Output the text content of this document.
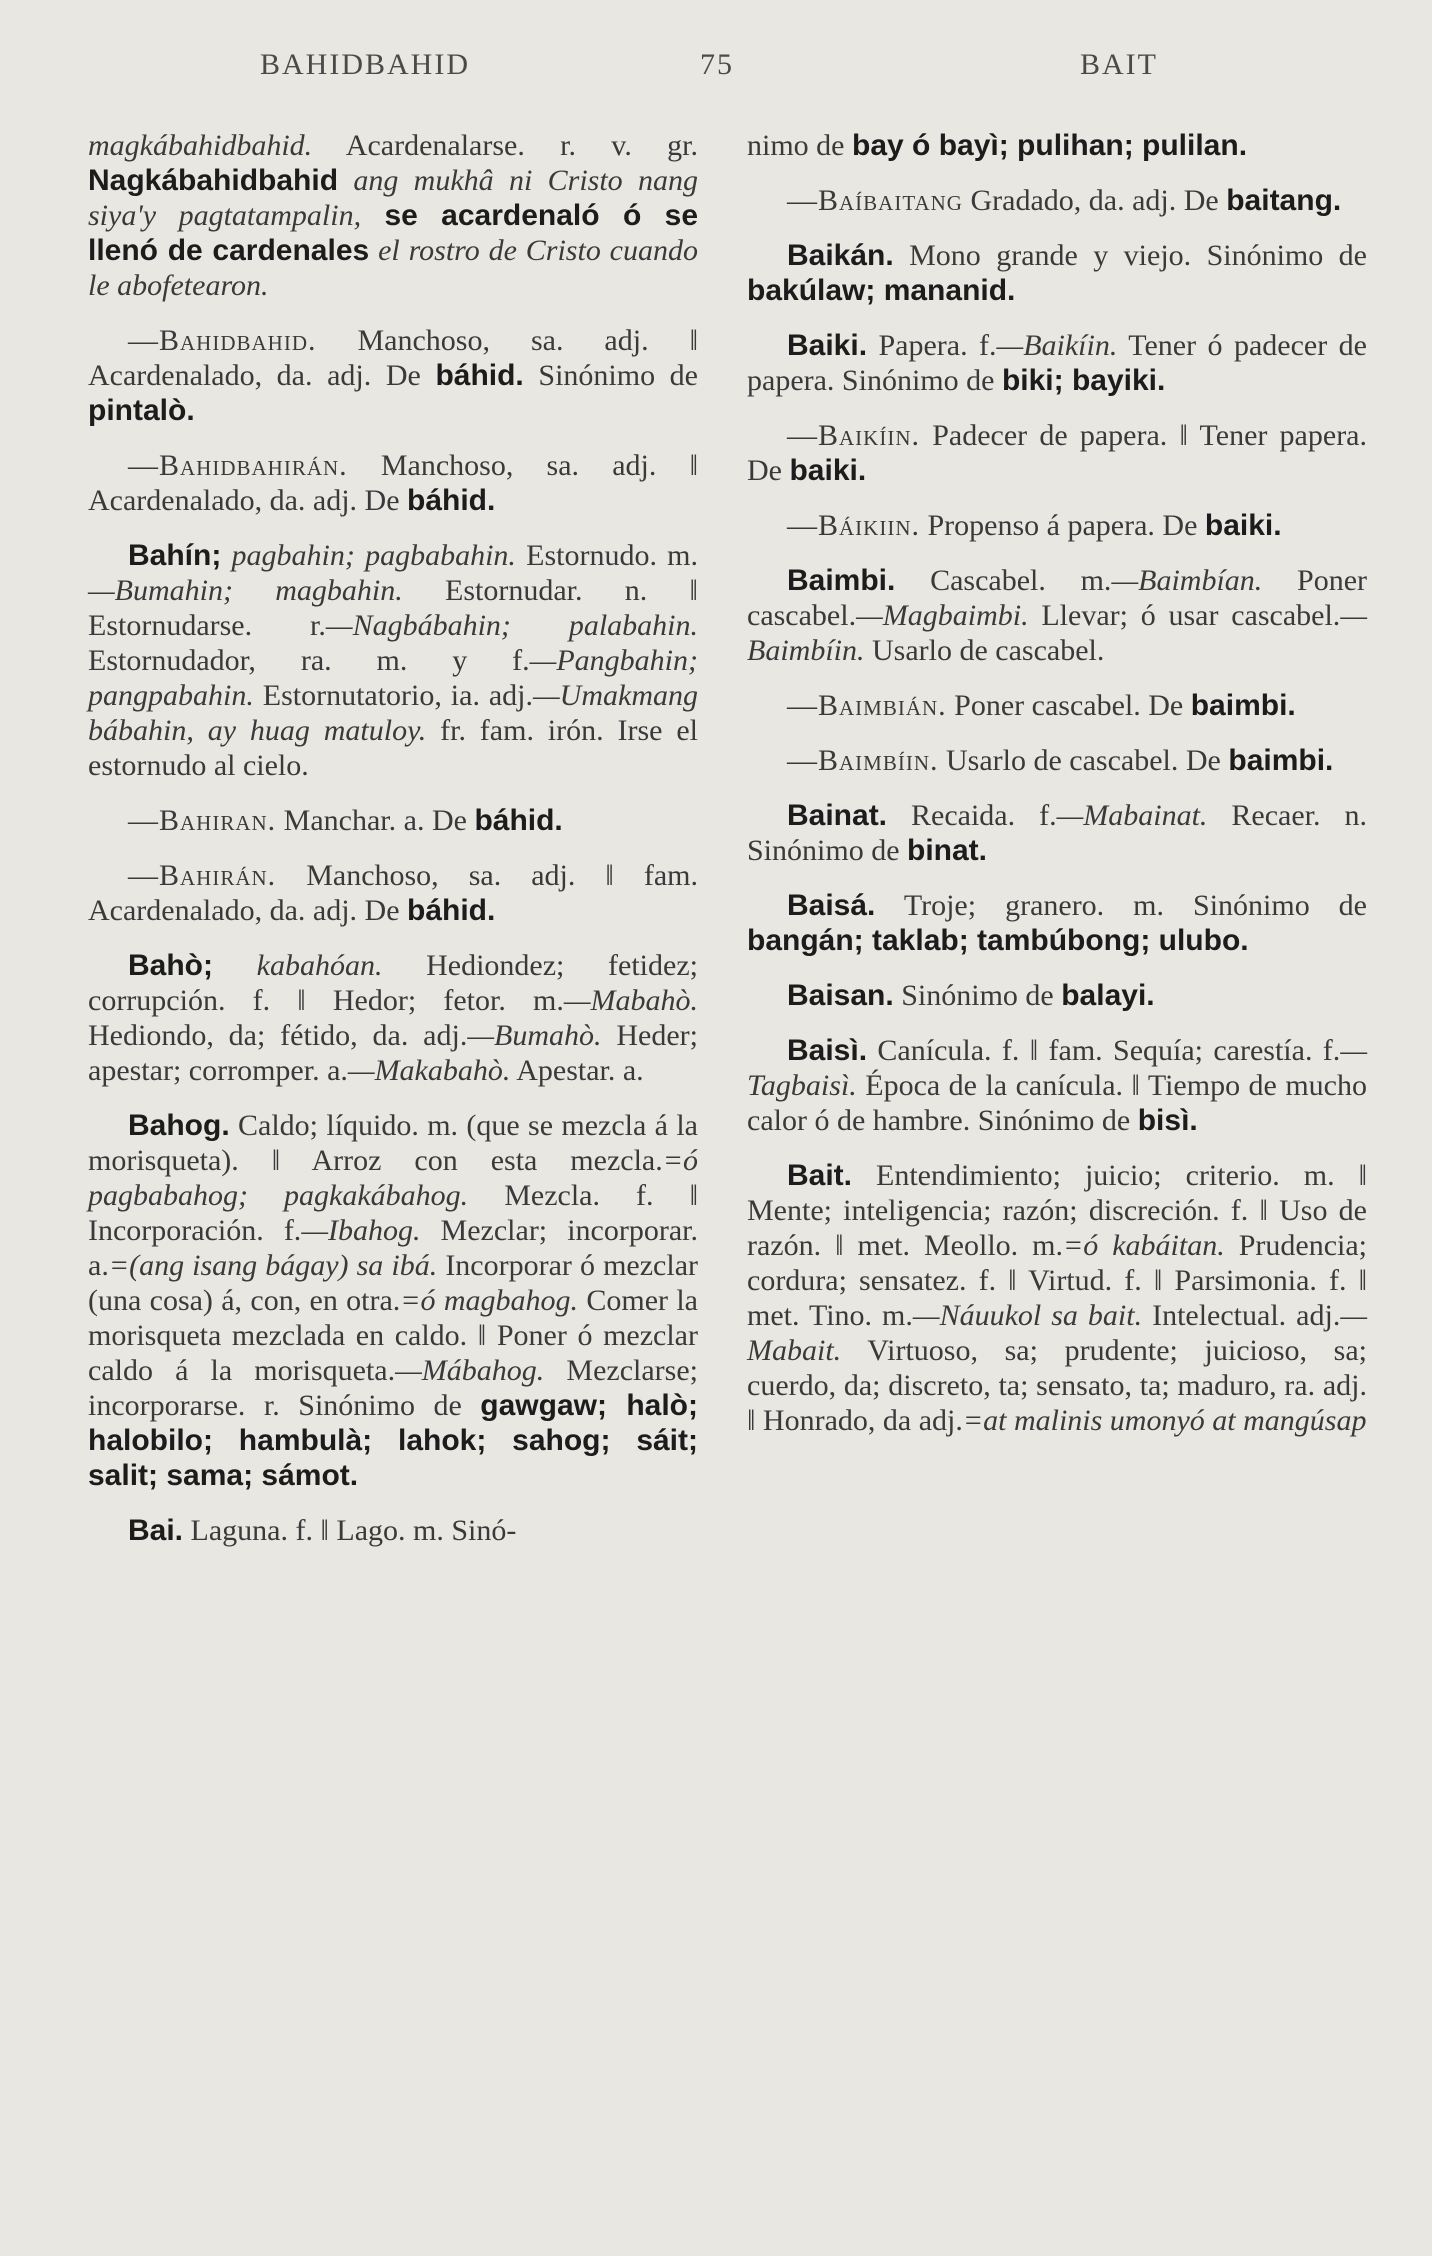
BAHIDBAHID	75	BAIT

magkábahidbahid. Acardenalarse. r. v. gr. Nagkábahidbahid ang mukhâ ni Cristo nang siya'y pagtatampalin, se acardenaló ó se llenó de cardenales el rostro de Cristo cuando le abofetearon.

—Bahidbahid. Manchoso, sa. adj. ‖ Acardenalado, da. adj. De báhid. Sinónimo de pintalò.

—Bahidbahirán. Manchoso, sa. adj. ‖ Acardenalado, da. adj. De báhid.

Bahín; pagbahin; pagbabahin. Estornudo. m.—Bumahin; magbahin. Estornudar. n. ‖ Estornudarse. r.—Nagbábahin; palabahin. Estornudador, ra. m. y f.—Pangbahin; pangpabahin. Estornutatorio, ia. adj.—Umakmang bábahin, ay huag matuloy. fr. fam. irón. Irse el estornudo al cielo.

—Bahiran. Manchar. a. De báhid.

—Bahirán. Manchoso, sa. adj. ‖ fam. Acardenalado, da. adj. De báhid.

Bahò; kabahóan. Hediondez; fetidez; corrupción. f. ‖ Hedor; fetor. m.—Mabahò. Hediondo, da; fétido, da. adj.—Bumahò. Heder; apestar; corromper. a.—Makabahò. Apestar. a.

Bahog. Caldo; líquido. m. (que se mezcla á la morisqueta). ‖ Arroz con esta mezcla.=ó pagbabahog; pagkakábahog. Mezcla. f. ‖ Incorporación. f.—Ibahog. Mezclar; incorporar. a.=(ang isang bágay) sa ibá. Incorporar ó mezclar (una cosa) á, con, en otra.=ó magbahog. Comer la morisqueta mezclada en caldo. ‖ Poner ó mezclar caldo á la morisqueta.—Mábahog. Mezclarse; incorporarse. r. Sinónimo de gawgaw; halò; halobilo; hambulà; lahok; sahog; sáit; salit; sama; sámot.

Bai. Laguna. f. ‖ Lago. m. Sinó-

nimo de bay ó bayì; pulihan; pulilan.

—Baíbaitang Gradado, da. adj. De baitang.

Baikán. Mono grande y viejo. Sinónimo de bakúlaw; mananid.

Baiki. Papera. f.—Baikíin. Tener ó padecer de papera. Sinónimo de biki; bayiki.

—Baikíin. Padecer de papera. ‖ Tener papera. De baiki.

—Báikiin. Propenso á papera. De baiki.

Baimbi. Cascabel. m.—Baimbían. Poner cascabel.—Magbaimbi. Llevar; ó usar cascabel.—Baimbíin. Usarlo de cascabel.

—Baimbián. Poner cascabel. De baimbi.

—Baimbíin. Usarlo de cascabel. De baimbi.

Bainat. Recaida. f.—Mabainat. Recaer. n. Sinónimo de binat.

Baisá. Troje; granero. m. Sinónimo de bangán; taklab; tambúbong; ulubo.

Baisan. Sinónimo de balayi.

Baisì. Canícula. f. ‖ fam. Sequía; carestía. f.—Tagbaisì. Época de la canícula. ‖ Tiempo de mucho calor ó de hambre. Sinónimo de bisì.

Bait. Entendimiento; juicio; criterio. m. ‖ Mente; inteligencia; razón; discreción. f. ‖ Uso de razón. ‖ met. Meollo. m.=ó kabáitan. Prudencia; cordura; sensatez. f. ‖ Virtud. f. ‖ Parsimonia. f. ‖ met. Tino. m.—Náuukol sa bait. Intelectual. adj.—Mabait. Virtuoso, sa; prudente; juicioso, sa; cuerdo, da; discreto, ta; sensato, ta; maduro, ra. adj. ‖ Honrado, da adj.=at malinis umonyó at mangúsap
